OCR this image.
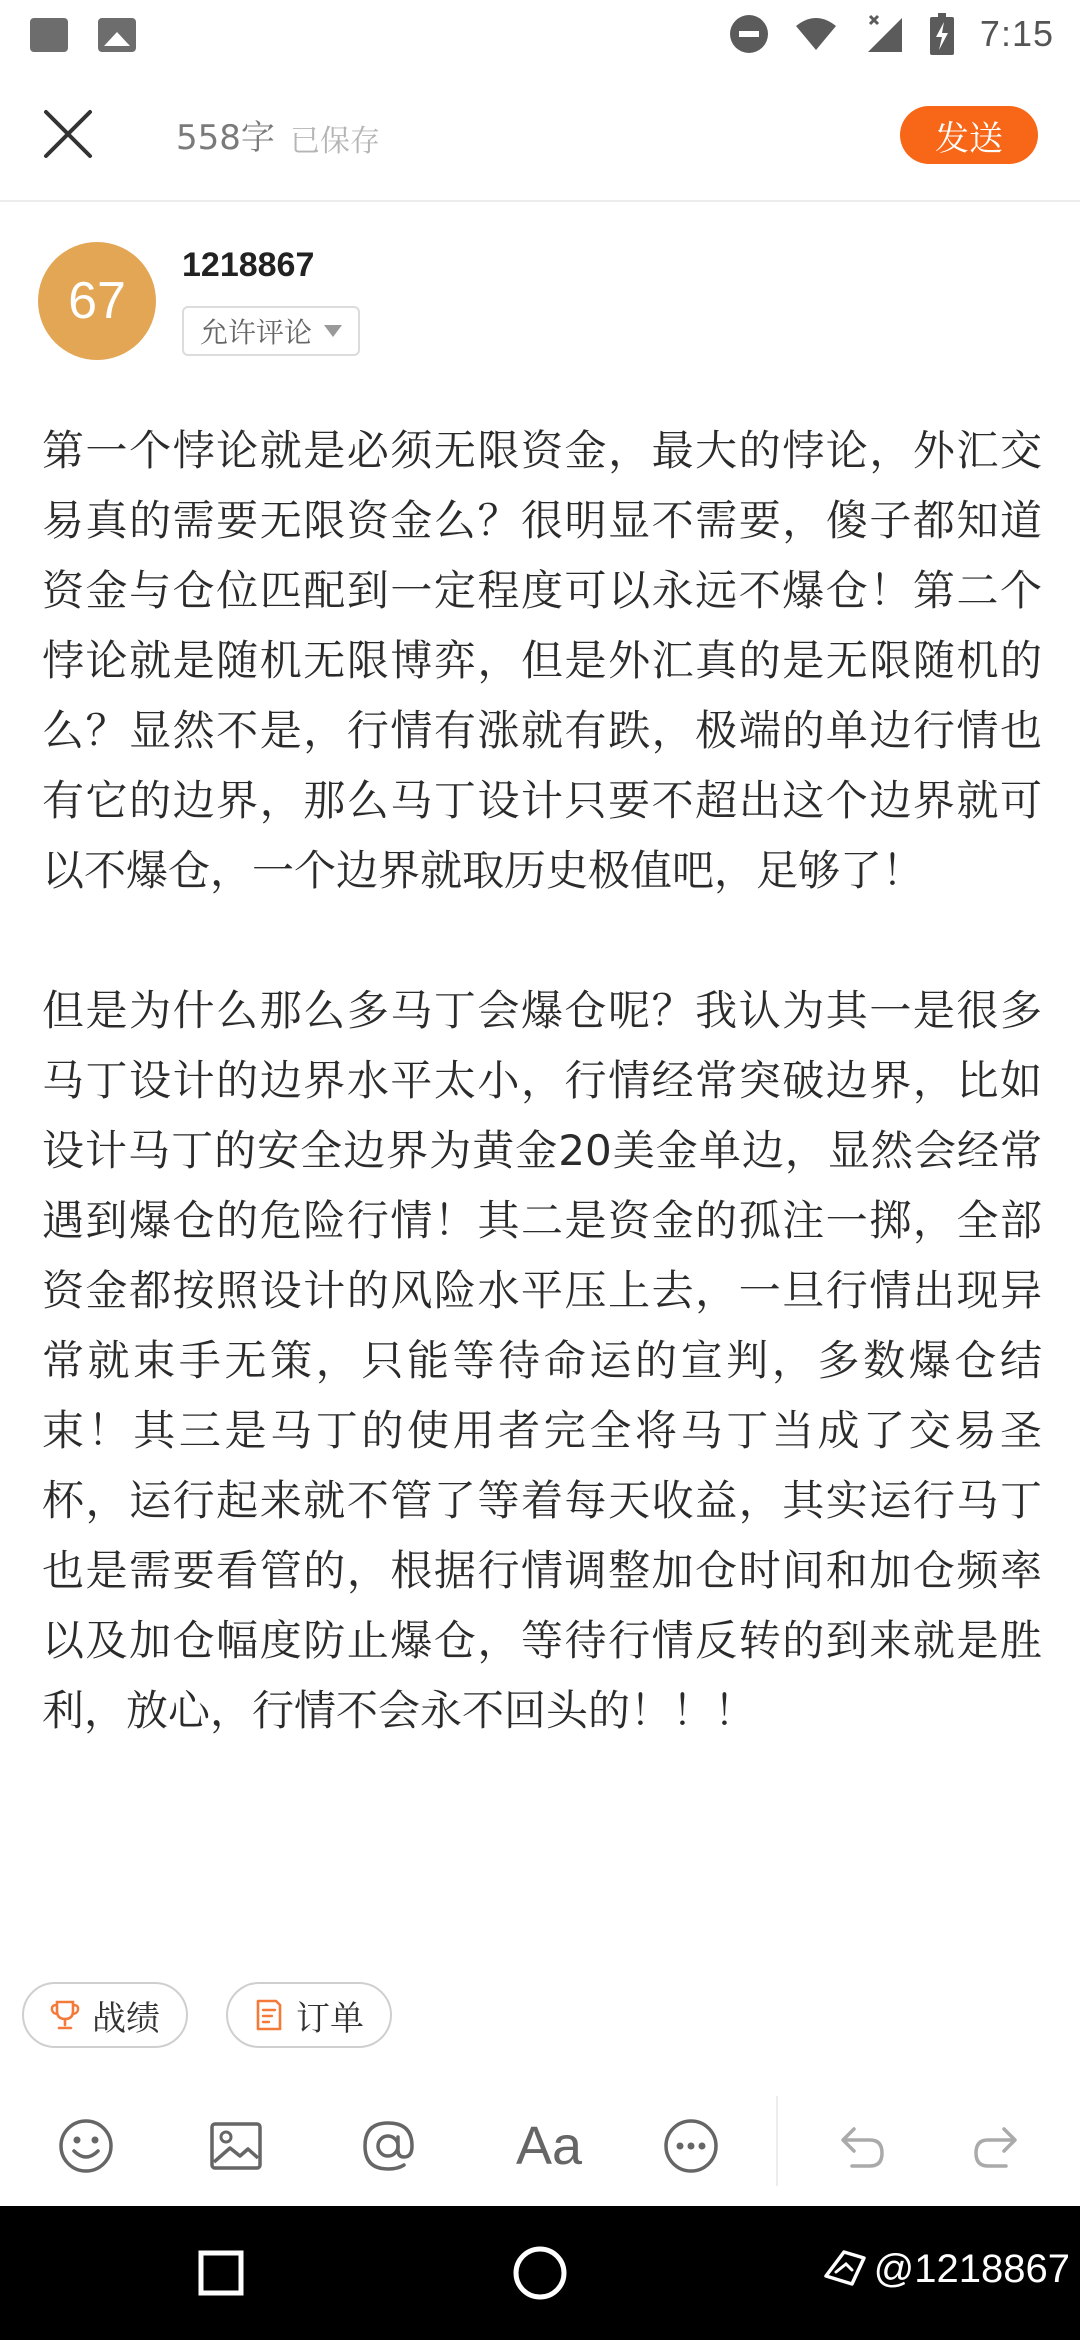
7:15
558字 已保存	发送
67
1218867
允许评论

第一个悖论就是必须无限资金，最大的悖论，外汇交易真的需要无限资金么？很明显不需要，傻子都知道资金与仓位匹配到一定程度可以永远不爆仓！第二个悖论就是随机无限博弈，但是外汇真的是无限随机的么？显然不是，行情有涨就有跌，极端的单边行情也有它的边界，那么马丁设计只要不超出这个边界就可以不爆仓，一个边界就取历史极值吧，足够了！

但是为什么那么多马丁会爆仓呢？我认为其一是很多马丁设计的边界水平太小，行情经常突破边界，比如设计马丁的安全边界为黄金20美金单边，显然会经常遇到爆仓的危险行情！其二是资金的孤注一掷，全部资金都按照设计的风险水平压上去，一旦行情出现异常就束手无策，只能等待命运的宣判，多数爆仓结束！其三是马丁的使用者完全将马丁当成了交易圣杯，运行起来就不管了等着每天收益，其实运行马丁也是需要看管的，根据行情调整加仓时间和加仓频率以及加仓幅度防止爆仓，等待行情反转的到来就是胜利，放心，行情不会永不回头的！！！

战绩	订单
Aa
@1218867
